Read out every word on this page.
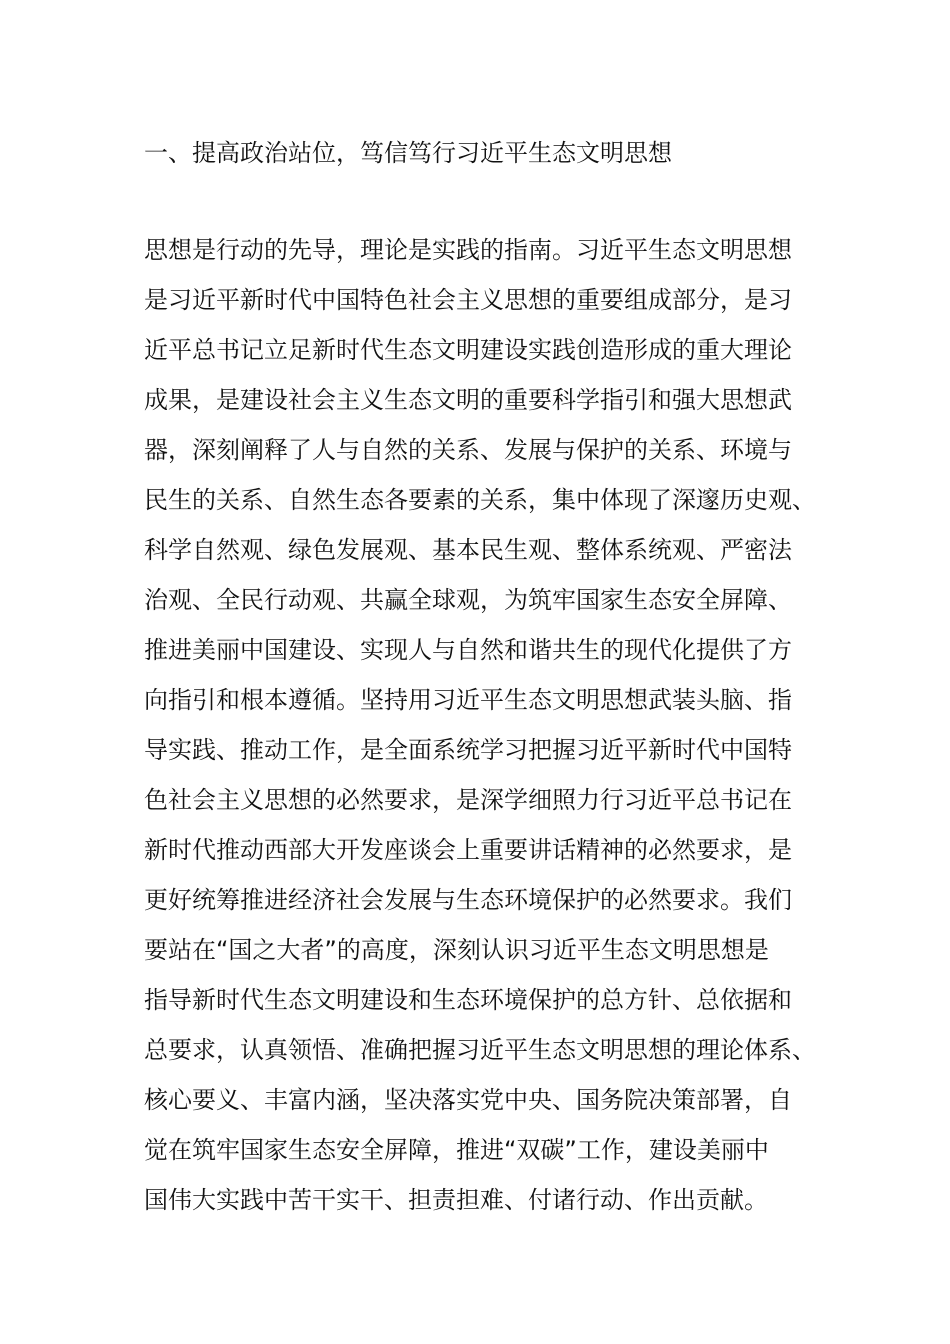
一、提高政治站位，笃信笃行习近平生态文明思想
思想是行动的先导，理论是实践的指南。习近平生态文明思想
是习近平新时代中国特色社会主义思想的重要组成部分，是习
近平总书记立足新时代生态文明建设实践创造形成的重大理论
成果，是建设社会主义生态文明的重要科学指引和强大思想武
器，深刻阐释了人与自然的关系、发展与保护的关系、环境与
民生的关系、自然生态各要素的关系，集中体现了深邃历史观、
科学自然观、绿色发展观、基本民生观、整体系统观、严密法
治观、全民行动观、共赢全球观，为筑牢国家生态安全屏障、
推进美丽中国建设、实现人与自然和谐共生的现代化提供了方
向指引和根本遵循。坚持用习近平生态文明思想武装头脑、指
导实践、推动工作，是全面系统学习把握习近平新时代中国特
色社会主义思想的必然要求，是深学细照力行习近平总书记在
新时代推动西部大开发座谈会上重要讲话精神的必然要求，是
更好统筹推进经济社会发展与生态环境保护的必然要求。我们
要站在“国之大者”的高度，深刻认识习近平生态文明思想是
指导新时代生态文明建设和生态环境保护的总方针、总依据和
总要求，认真领悟、准确把握习近平生态文明思想的理论体系、
核心要义、丰富内涵，坚决落实党中央、国务院决策部署，自
觉在筑牢国家生态安全屏障，推进“双碳”工作，建设美丽中
国伟大实践中苦干实干、担责担难、付诸行动、作出贡献。
